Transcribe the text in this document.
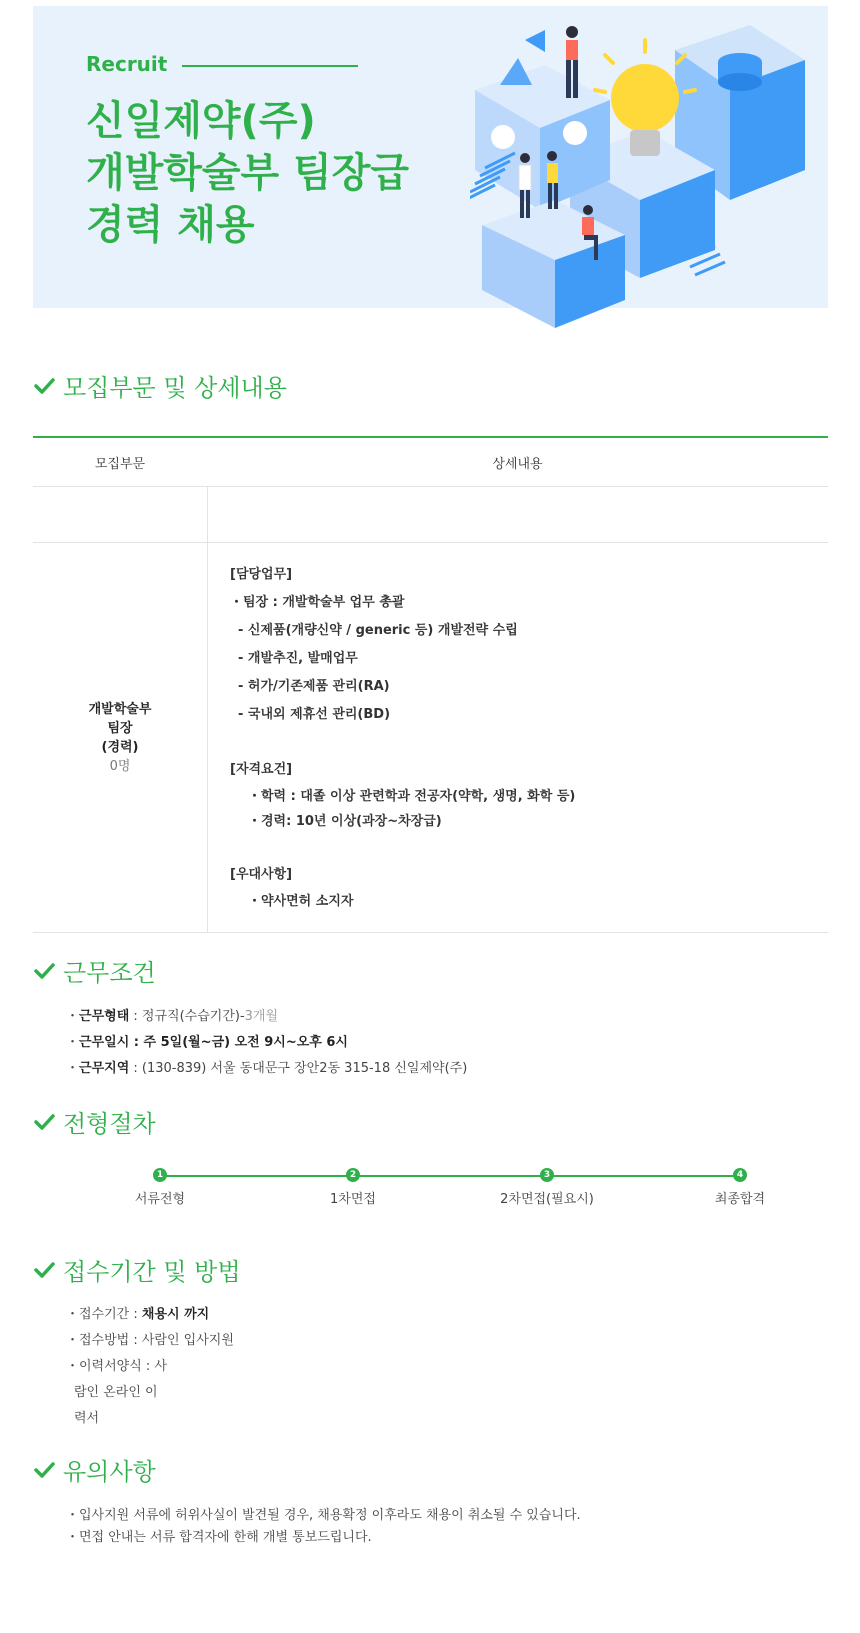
Recruit
신일제약(주)
개발학술부 팀장급
경력 채용
모집부문 및 상세내용
모집부문	상세내용
개발학술부
팀장
(경력)
0명
[담당업무]
・팀장 : 개발학술부 업무 총괄
- 신제품(개량신약 / generic 등) 개발전략 수립
- 개발추진, 발매업무
- 허가/기존제품 관리(RA)
- 국내외 제휴선 관리(BD)
[자격요건]
・학력 : 대졸 이상 관련학과 전공자(약학, 생명, 화학 등)
・경력: 10년 이상(과장~차장급)
[우대사항]
・약사면허 소지자
근무조건
・근무형태 : 정규직(수습기간)-3개월
・근무일시 : 주 5일(월~금) 오전 9시~오후 6시
・근무지역 : (130-839) 서울 동대문구 장안2동 315-18 신일제약(주)
전형절차
1
서류전형
2
1차면접
3
2차면접(필요시)
4
최종합격
접수기간 및 방법
・접수기간 : 채용시 까지
・접수방법 : 사람인 입사지원
・이력서양식 : 사
람인 온라인 이
력서
유의사항
・입사지원 서류에 허위사실이 발견될 경우, 채용확정 이후라도 채용이 취소될 수 있습니다.
・면접 안내는 서류 합격자에 한해 개별 통보드립니다.
